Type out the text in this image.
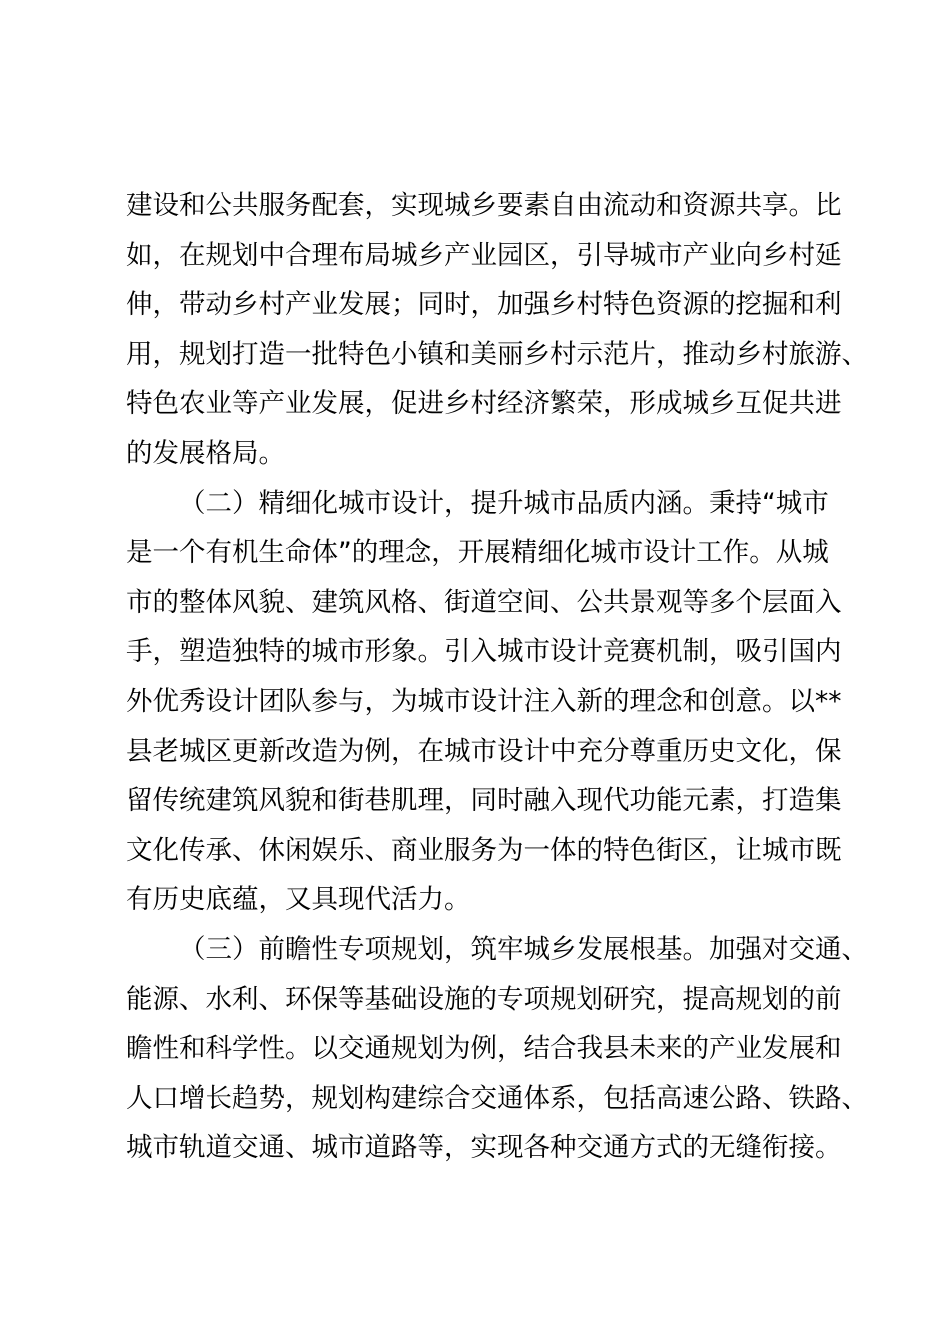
建设和公共服务配套，实现城乡要素自由流动和资源共享。比
如，在规划中合理布局城乡产业园区，引导城市产业向乡村延
伸，带动乡村产业发展；同时，加强乡村特色资源的挖掘和利
用，规划打造一批特色小镇和美丽乡村示范片，推动乡村旅游、
特色农业等产业发展，促进乡村经济繁荣，形成城乡互促共进
的发展格局。
（二）精细化城市设计，提升城市品质内涵。秉持“城市
是一个有机生命体”的理念，开展精细化城市设计工作。从城
市的整体风貌、建筑风格、街道空间、公共景观等多个层面入
手，塑造独特的城市形象。引入城市设计竞赛机制，吸引国内
外优秀设计团队参与，为城市设计注入新的理念和创意。以**
县老城区更新改造为例，在城市设计中充分尊重历史文化，保
留传统建筑风貌和街巷肌理，同时融入现代功能元素，打造集
文化传承、休闲娱乐、商业服务为一体的特色街区，让城市既
有历史底蕴，又具现代活力。
（三）前瞻性专项规划，筑牢城乡发展根基。加强对交通、
能源、水利、环保等基础设施的专项规划研究，提高规划的前
瞻性和科学性。以交通规划为例，结合我县未来的产业发展和
人口增长趋势，规划构建综合交通体系，包括高速公路、铁路、
城市轨道交通、城市道路等，实现各种交通方式的无缝衔接。
